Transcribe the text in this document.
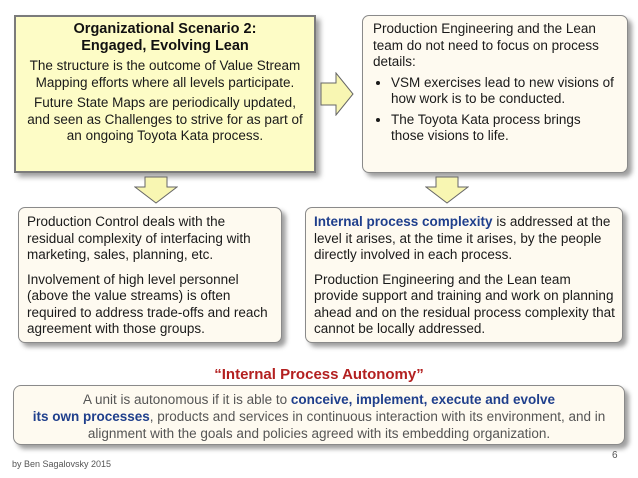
Organizational Scenario 2:
Engaged, Evolving Lean
The structure is the outcome of Value Stream Mapping efforts where all levels participate.
Future State Maps are periodically updated, and seen as Challenges to strive for as part of an ongoing Toyota Kata process.
Production Engineering and the Lean team do not need to focus on process details:
• VSM exercises lead to new visions of how work is to be conducted.
• The Toyota Kata process brings those visions to life.

Production Control deals with the residual complexity of interfacing with marketing, sales, planning, etc.

Involvement of high level personnel (above the value streams) is often required to address trade-offs and reach agreement with those groups.

Internal process complexity is addressed at the level it arises, at the time it arises, by the people directly involved in each process.

Production Engineering and the Lean team provide support and training and work on planning ahead and on the residual process complexity that cannot be locally addressed.

“Internal Process Autonomy”
A unit is autonomous if it is able to conceive, implement, execute and evolve
its own processes, products and services in continuous interaction with its environment, and in alignment with the goals and policies agreed with its embedding organization.
by Ben Sagalovsky 2015
6
